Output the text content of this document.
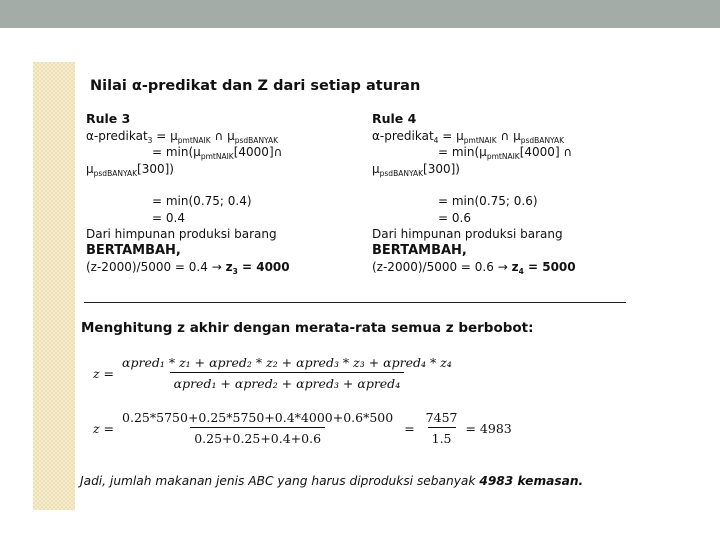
Nilai α-predikat dan Z dari setiap aturan
Rule 3
α-predikat$_3$ = $\mu_{pmtNAIK}$ ∩ $\mu_{psdBANYAK}$
= $\min(\mu_{pmtNAIK}[4000]\cap$
$\mu_{psdBANYAK}[300]$)
= min(0.75; 0.4)
= 0.4
Dari himpunan produksi barang
BERTAMBAH,
$(z-2000)/5000 = 0.4 \to z_3 = 4000$
Rule 4
α-predikat$_4$ = $\mu_{pmtNAIK}$ ∩ $\mu_{psdBANYAK}$
= $\min(\mu_{pmtNAIK}[4000]$ ∩
$\mu_{psdBANYAK}[300]$)
= min(0.75; 0.6)
= 0.6
Dari himpunan produksi barang
BERTAMBAH,
$(z-2000)/5000 = 0.6 \to z_4 = 5000$
Menghitung z akhir dengan merata-rata semua z berbobot:
$z = \frac{\text{αpred₁ * z₁ + αpred₂ * z₂ + αpred₃ * z₃ + αpred₄ * z₄}}{\text{αpred₁ + αpred₂ + αpred₃ + αpred₄}}$
$z = \frac{0.25*5750+0.25*5750+0.4*4000+0.6*500}{0.25+0.25+0.4+0.6} = \frac{7457}{1.5} = 4983$
Jadi, jumlah makanan jenis ABC yang harus diproduksi sebanyak 4983 kemasan.
